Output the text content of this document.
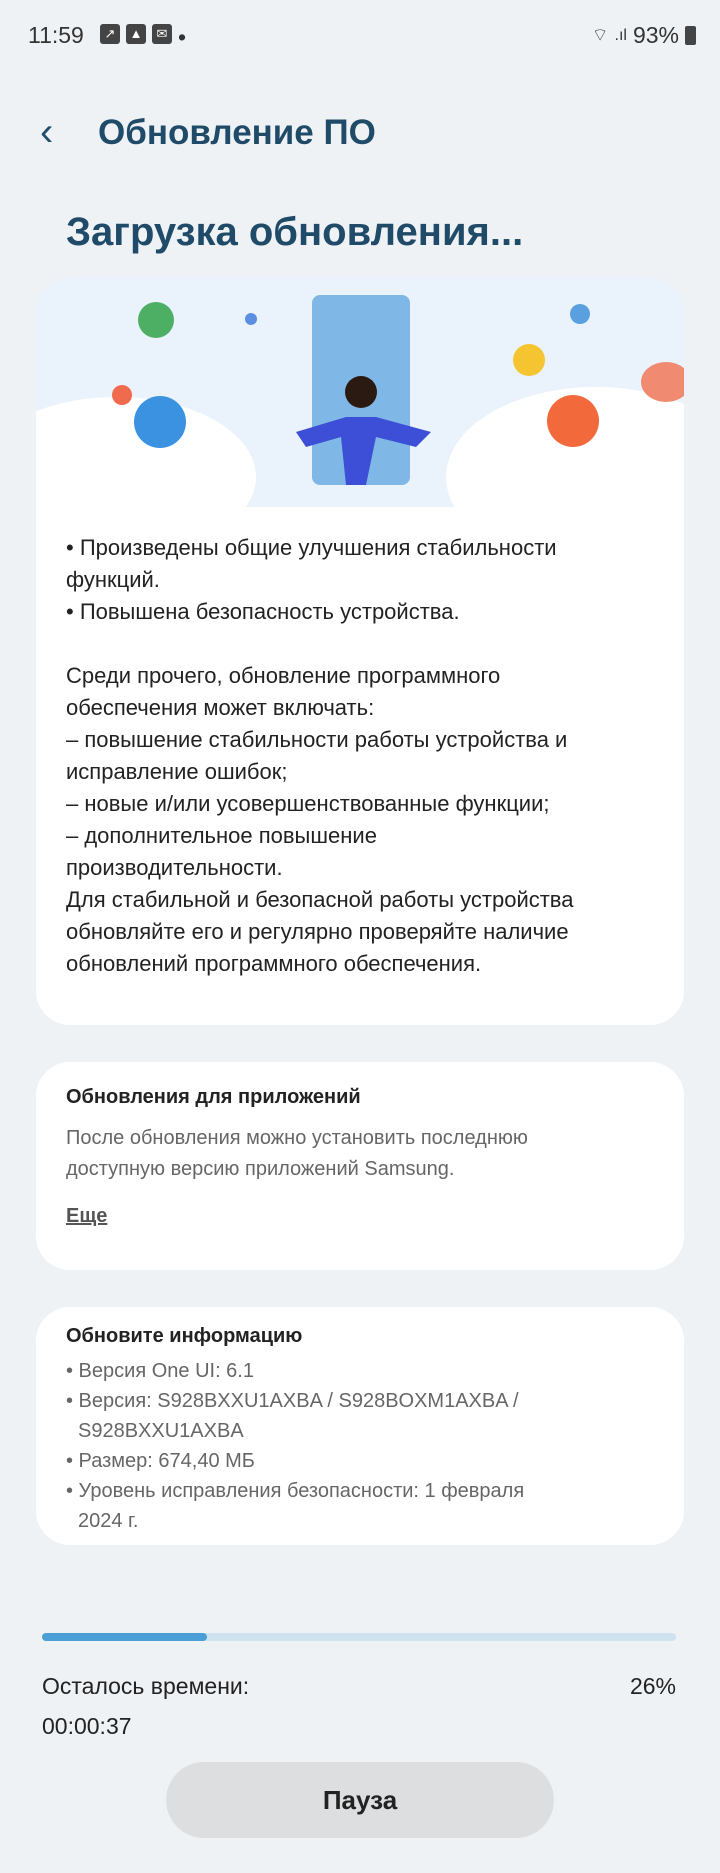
11:59	↗	▲	✉ •	⌔ .ıl 93%
‹	Обновление ПО
Загрузка обновления...
• Произведены общие улучшения стабильности
функций.
• Повышена безопасность устройства.
Среди прочего, обновление программного
обеспечения может включать:
– повышение стабильности работы устройства и
исправление ошибок;
– новые и/или усовершенствованные функции;
– дополнительное повышение
производительности.
Для стабильной и безопасной работы устройства
обновляйте его и регулярно проверяйте наличие
обновлений программного обеспечения.
Обновления для приложений
После обновления можно установить последнюю
доступную версию приложений Samsung.
Еще
Обновите информацию
• Версия One UI: 6.1
• Версия: S928BXXU1AXBA / S928BOXM1AXBA /
S928BXXU1AXBA
• Размер: 674,40 МБ
• Уровень исправления безопасности: 1 февраля
2024 г.
Осталось времени:
00:00:37
26%
Пауза
